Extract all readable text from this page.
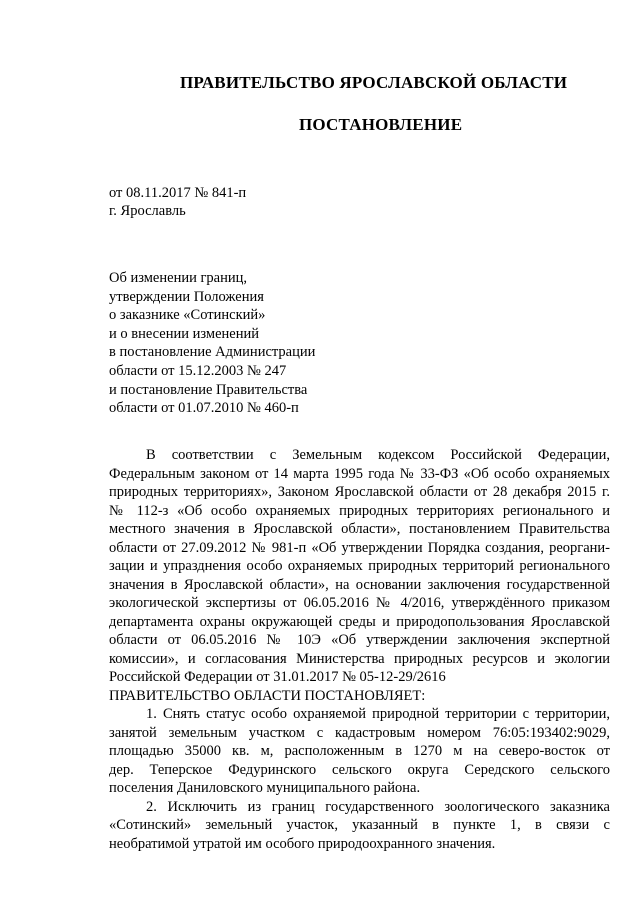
ПРАВИТЕЛЬСТВО ЯРОСЛАВСКОЙ ОБЛАСТИ
ПОСТАНОВЛЕНИЕ
от 08.11.2017 № 841-п
г. Ярославль
Об изменении границ,
утверждении Положения
о заказнике «Сотинский»
и о внесении изменений
в постановление Администрации
области от 15.12.2003 № 247
и постановление Правительства
области от 01.07.2010 № 460-п
В соответствии с Земельным кодексом Российской Федерации,
Федеральным законом от 14 марта 1995 года № 33-ФЗ «Об особо охраняемых
природных территориях», Законом Ярославской области от 28 декабря 2015 г.
№ 112-з «Об особо охраняемых природных территориях регионального и
местного значения в Ярославской области», постановлением Правительства
области от 27.09.2012 № 981-п «Об утверждении Порядка создания, реоргани-
зации и упразднения особо охраняемых природных территорий регионального
значения в Ярославской области», на основании заключения государственной
экологической экспертизы от 06.05.2016 № 4/2016, утверждённого приказом
департамента охраны окружающей среды и природопользования Ярославской
области от 06.05.2016 № 10Э «Об утверждении заключения экспертной
комиссии», и согласования Министерства природных ресурсов и экологии
Российской Федерации от 31.01.2017 № 05-12-29/2616
ПРАВИТЕЛЬСТВО ОБЛАСТИ ПОСТАНОВЛЯЕТ:
1. Снять статус особо охраняемой природной территории с территории,
занятой земельным участком с кадастровым номером 76:05:193402:9029,
площадью 35000 кв. м, расположенным в 1270 м на северо-восток от
дер. Теперское Федуринского сельского округа Середского сельского
поселения Даниловского муниципального района.
2. Исключить из границ государственного зоологического заказника
«Сотинский» земельный участок, указанный в пункте 1, в связи с
необратимой утратой им особого природоохранного значения.
